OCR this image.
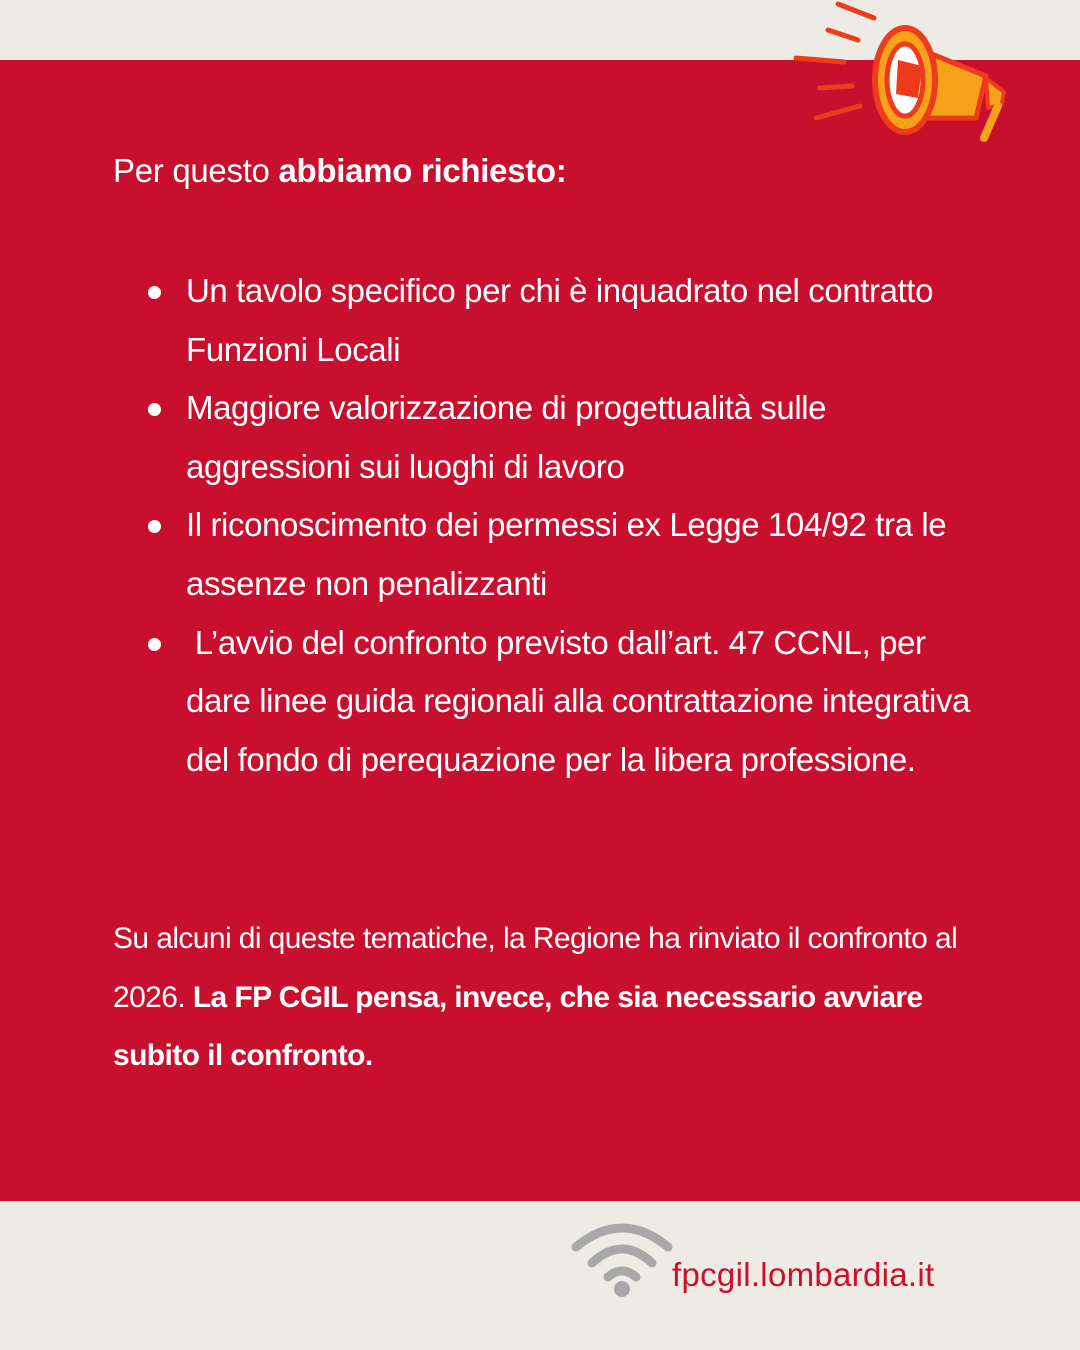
Per questo abbiamo richiesto:

Un tavolo specifico per chi è inquadrato nel contratto Funzioni Locali
Maggiore valorizzazione di progettualità sulle aggressioni sui luoghi di lavoro
Il riconoscimento dei permessi ex Legge 104/92 tra le assenze non penalizzanti
L’avvio del confronto previsto dall’art. 47 CCNL, per dare linee guida regionali alla contrattazione integrativa del fondo di perequazione per la libera professione.

Su alcuni di queste tematiche, la Regione ha rinviato il confronto al 2026. La FP CGIL pensa, invece, che sia necessario avviare subito il confronto.

fpcgil.lombardia.it
